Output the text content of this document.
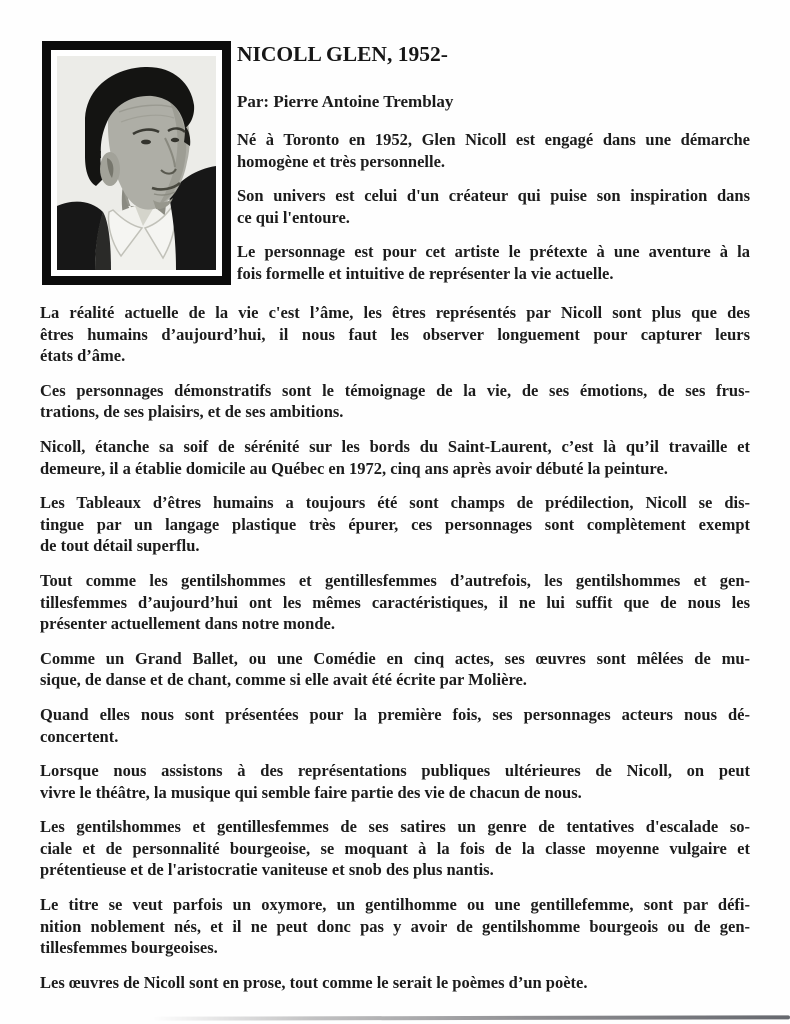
NICOLL GLEN, 1952-

Par: Pierre Antoine Tremblay

Né à Toronto en 1952, Glen Nicoll est engagé dans une démarche
homogène et très personnelle.
Son univers est celui d'un créateur qui puise son inspiration dans
ce qui l'entoure.
Le personnage est pour cet artiste le prétexte à une aventure à la
fois formelle et intuitive de représenter la vie actuelle.
La réalité actuelle de la vie c'est l’âme, les êtres représentés par Nicoll sont plus que des
êtres humains d’aujourd’hui, il nous faut les observer longuement pour capturer leurs
états d’âme.
Ces personnages démonstratifs sont le témoignage de la vie, de ses émotions, de ses frus-
trations, de ses plaisirs, et de ses ambitions.
Nicoll, étanche sa soif de sérénité sur les bords du Saint-Laurent, c’est là qu’il travaille et
demeure, il a établie domicile au Québec en 1972, cinq ans après avoir débuté la peinture.
Les Tableaux d’êtres humains a toujours été sont champs de prédilection, Nicoll se dis-
tingue par un langage plastique très épurer, ces personnages sont complètement exempt
de tout détail superflu.
Tout comme les gentilshommes et gentillesfemmes d’autrefois, les gentilshommes et gen-
tillesfemmes d’aujourd’hui ont les mêmes caractéristiques, il ne lui suffit que de nous les
présenter actuellement dans notre monde.
Comme un Grand Ballet, ou une Comédie en cinq actes, ses œuvres sont mêlées de mu-
sique, de danse et de chant, comme si elle avait été écrite par Molière.
Quand elles nous sont présentées pour la première fois, ses personnages acteurs nous dé-
concertent.
Lorsque nous assistons à des représentations publiques ultérieures de Nicoll, on peut
vivre le théâtre, la musique qui semble faire partie des vie de chacun de nous.
Les gentilshommes et gentillesfemmes de ses satires un genre de tentatives d'escalade so-
ciale et de personnalité bourgeoise, se moquant à la fois de la classe moyenne vulgaire et
prétentieuse et de l'aristocratie vaniteuse et snob des plus nantis.
Le titre se veut parfois un oxymore, un gentilhomme ou une gentillefemme, sont par défi-
nition noblement nés, et il ne peut donc pas y avoir de gentilshomme bourgeois ou de gen-
tillesfemmes bourgeoises.
Les œuvres de Nicoll sont en prose, tout comme le serait le poèmes d’un poète.
